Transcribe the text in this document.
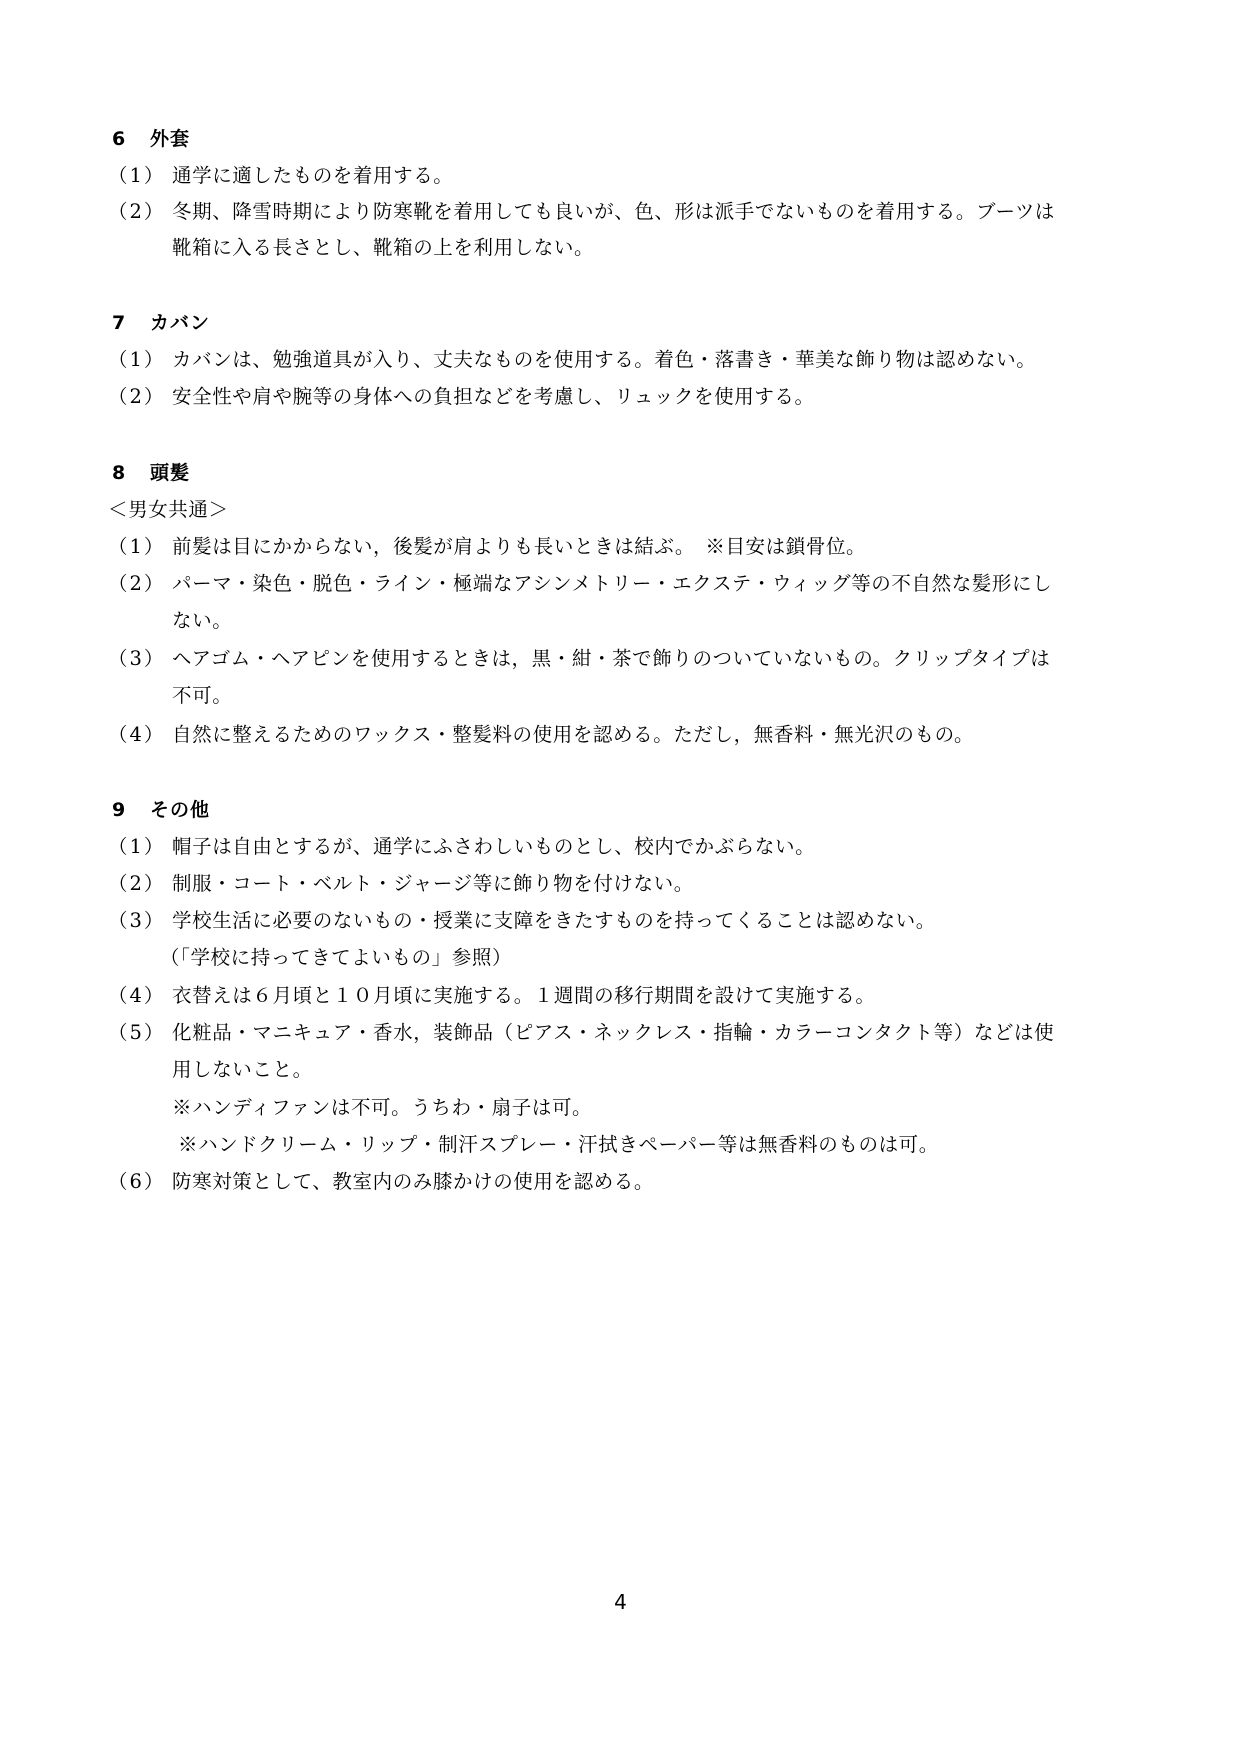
6 外套
（1） 通学に適したものを着用する。
（2） 冬期、降雪時期により防寒靴を着用しても良いが、色、形は派手でないものを着用する。ブーツは
靴箱に入る長さとし、靴箱の上を利用しない。
7 カバン
（1） カバンは、勉強道具が入り、丈夫なものを使用する。着色・落書き・華美な飾り物は認めない。
（2） 安全性や肩や腕等の身体への負担などを考慮し、リュックを使用する。
8 頭髪
＜男女共通＞
（1） 前髪は目にかからない，後髪が肩よりも長いときは結ぶ。　※目安は鎖骨位。
（2） パーマ・染色・脱色・ライン・極端なアシンメトリー・エクステ・ウィッグ等の不自然な髪形にし
ない。
（3） ヘアゴム・ヘアピンを使用するときは，黒・紺・茶で飾りのついていないもの。クリップタイプは
不可。
（4） 自然に整えるためのワックス・整髪料の使用を認める。ただし，無香料・無光沢のもの。
9 その他
（1） 帽子は自由とするが、通学にふさわしいものとし、校内でかぶらない。
（2） 制服・コート・ベルト・ジャージ等に飾り物を付けない。
（3） 学校生活に必要のないもの・授業に支障をきたすものを持ってくることは認めない。
（「学校に持ってきてよいもの」参照）
（4） 衣替えは６月頃と１０月頃に実施する。１週間の移行期間を設けて実施する。
（5） 化粧品・マニキュア・香水，装飾品（ピアス・ネックレス・指輪・カラーコンタクト等）などは使
用しないこと。
※ハンディファンは不可。うちわ・扇子は可。
※ハンドクリーム・リップ・制汗スプレー・汗拭きペーパー等は無香料のものは可。
（6） 防寒対策として、教室内のみ膝かけの使用を認める。
4
